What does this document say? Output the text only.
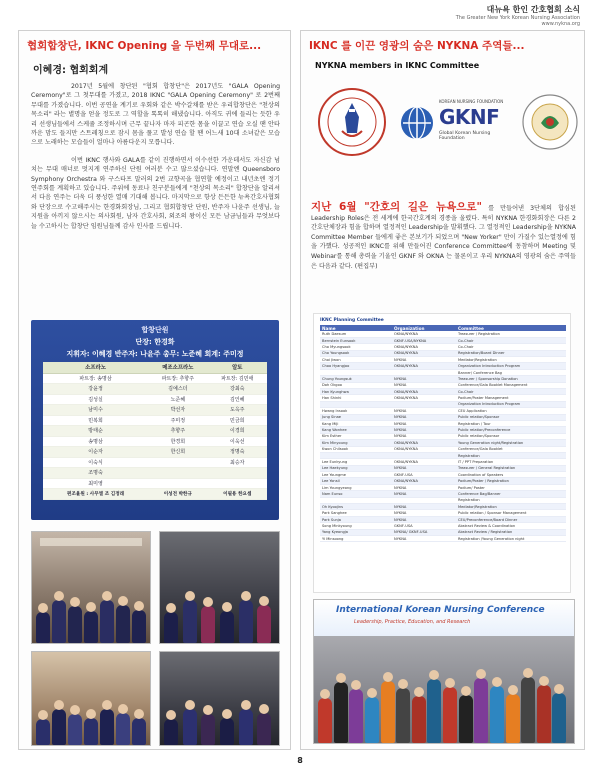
대뉴욕 한인 간호협회 소식
The Greater New York Korean Nursing Association
www.nykna.org
협회합창단, IKNC Opening 을 두번째 무대로...
이혜경: 협회회계

2017년 5월에 창단된 "협회 합창단"은 2017년도 "GALA Opening Ceremony"로 그 첫무대를 가졌고, 2018 IKNC "GALA Opening Ceremony" 로 2번째 무대를 가졌습니다. 이번 공연을 계기로 우회와 같은 박수갈채를 받은 우리합창단은 "천상의 목소리" 라는 별명을 얻을 정도로 그 역할을 톡톡히 해냈습니다. 아직도 귀에 들리는 듯한 우리 선생님들에서 스케쥴 조정하시며 근무 끝나자 마자 피곤한 몸을 이끌고 연습 오실 땐 안타까운 맘도 들지만 스트레칭으로 잠시 몸을 풀고 발성 연습 할 땐 어느새 10대 소녀같은 모습으로 노래하는 모습들이 얼마나 아름다운지 모릅니다.

이번 IKNC 행사와 GALA를 같이 진행하면서 이수선한 가운데서도 자신감 넘치는 무대 매너로 멋지게 연주하신 단원 여러분 수고 많으셨습니다. 연말엔 Queensboro Symphony Orchestra 와 구스타프 말러의 2번 교향곡을 협연할 예정이고 내년초엔 정기 연주회를 계획하고 있습니다. 주위에 동료나 친구분들에게 "천상의 목소리" 합창단을 알리셔서 다음 연주는 더욱 더 풍성한 열매 기대해 봅니다. 마지막으로 항상 든든한 뉴욕간호사협회와 단장으로 수고해주시는 한경화회장님, 그리고 협회합창단 단원, 반주자 나윤주 선생님, 늘 지원을 아끼지 않으시는 의사회원, 남자 간호사회, 외조의 왕이신 모든 남금님들과 무엇보다 늘 수고하시는 합창단 임원님들께 감사 인사를 드립니다.

합창단원
단장: 한경화
지휘자: 이혜경 반주자: 나윤주 총무: 노준혜 회계: 주미정
소프라노	메조소프라노	알토
파트장: 송명삼	파트장: 추향주	파트장: 김민애
강윤정	김예스더	강최숙
김성실	노준혜	김인혜
남미수	박선자	도옥주
민복희	주미정	민금희
방태순	추향주	이경희
송명삼	한경희	이욱선
이순자	한신희	정명숙
이숙식		최승자
조명숙		
최미영		
편조율원 : 사무엘 조 김정래	이성전 박한규	이필용 한요셉
IKNC 를 이끈 영광의 숨은 NYKNA 주역들...
NYKNA members in IKNC Committee
KOREAN NURSING FOUNDATION
GKNF
Global Korean Nursing Foundation
지난 6월 "간호의 길은 뉴욕으로" 를 만들어낸 3단체의 합심된 Leadership Roles은 전 세계에 한국간호계의 경종을 울렸다. 특히 NYKNA 한경화회장은 다른 2간호단체장과 힘을 합하며 열정적인 Leadership을 발휘했다. 그 열정적인 Leadership을 NYKNA Committee Member 들에게 좋은 본보기가 되었으며 "New Yorker" 만이 가질수 있는열정에 힘을 가했다. 성공적인 IKNC를 위해 만들어진 Conference Committee에 동참하며 Meeting 및 Webinar를 통해 총력을 기울인 GKNF 와 OKNA 는 물론이고 우리 NYKNA의 영광의 숨은 주역들은 다음과 같다. (편집부)
IKNC Planning Committee
Name	Organization	Committee
Ruth Daesum	OKNA/NYKNA	Treasurer / Registration
Bernstein Eunsook	GKNF-USA/NYKNA	Co-Chair
Cho Myungsook	OKNA/NYKNA	Co-Chair
Cho Youngsook	OKNA/NYKNA	Registration/Board Dinner
Choi Jiwon	NYKNA	Mediator/Registration
Choo Hyangjoo	OKNA/NYKNA	Organization Introduction Program
		Banner/ Conference Bag
Chung Youngsuk	NYKNA	Treasurer / Sponsorship Donation
Doh Okgoo	NYKNA	Conference/Gala Booklet Management
Han Kyunghwa	OKNA/NYKNA	Co-Chair
Han Shinhi	OKNA/NYKNA	Podium/Poster Management
		Organization Introduction Program
Hwang Insook	NYKNA	CEU Application
Jung Sinae	NYKNA	Public relation/Sponsor
Kang MiJi	NYKNA	Registration / Tour
Kang Wonhee	NYKNA	Public relation/Preconference
Kim Esther	NYKNA	Public relation/Sponsor
Kim Minyoung	OKNA/NYKNA	Young Generation night/Registration
Kwon Chilsook	OKNA/NYKNA	Conference/Gala Booklet
		Registration
Lee Eunkyung	OKNA/NYKNA	IT / PPT Preparation
Lee Haekyung	NYKNA	Treasurer / General Registration
Lee Youngme	GKNF-USA	Coordination of Speakers
Lee Yonsil	OKNA/NYKNA	Podium/Poster / Registration
Lim Youngyeong	NYKNA	Podium/ Poster
Nam Eunso	NYKNA	Conference Bag/Banner
		Registration
Oh Kyoojins	NYKNA	Mediator/Registration
Park Sanghee	NYKNA	Public relation / Sponsor Management
Park Sunja	NYKNA	CEU/Preconference/Board Dinner
Song Minkyoung	GKNF-USA	Abstract Review & Coordination
Yang Kyeongja	NYKNA/ GKNF-USA	Abstract Review / Registration
Yi Minsoong	NYKNA	Registration /Young Generation night
International Korean Nursing Conference
Leadership, Practice, Education, and Research
8
